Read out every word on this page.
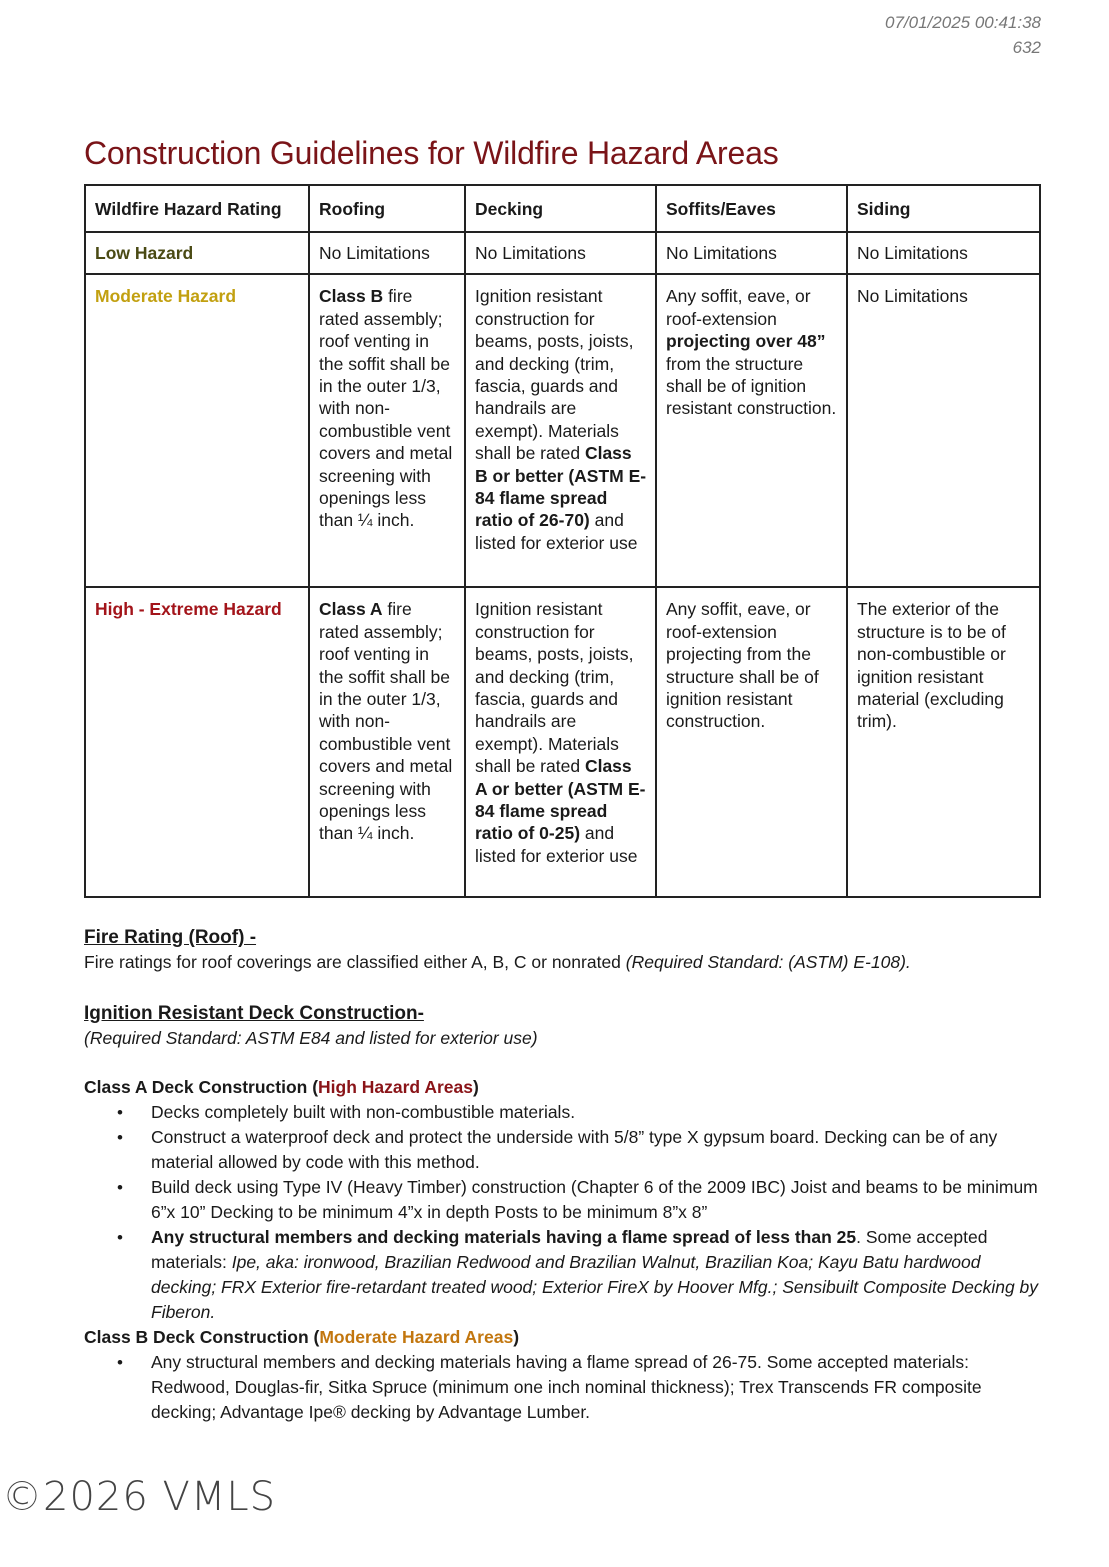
07/01/2025 00:41:38
632
Construction Guidelines for Wildfire Hazard Areas
Wildfire Hazard Rating	Roofing	Decking	Soffits/Eaves	Siding
Low Hazard	No Limitations	No Limitations	No Limitations	No Limitations
Moderate Hazard	Class B fire rated assembly; roof venting in the soffit shall be in the outer 1/3, with non-combustible vent covers and metal screening with openings less than ¼ inch.	Ignition resistant construction for beams, posts, joists, and decking (trim, fascia, guards and handrails are exempt). Materials shall be rated Class B or better (ASTM E-84 flame spread ratio of 26-70) and listed for exterior use	Any soffit, eave, or roof-extension projecting over 48” from the structure shall be of ignition resistant construction.	No Limitations
High - Extreme Hazard	Class A fire rated assembly; roof venting in the soffit shall be in the outer 1/3, with non-combustible vent covers and metal screening with openings less than ¼ inch.	Ignition resistant construction for beams, posts, joists, and decking (trim, fascia, guards and handrails are exempt). Materials shall be rated Class A or better (ASTM E-84 flame spread ratio of 0-25) and listed for exterior use	Any soffit, eave, or roof-extension projecting from the structure shall be of ignition resistant construction.	The exterior of the structure is to be of non-combustible or ignition resistant material (excluding trim).

Fire Rating (Roof) -

Fire ratings for roof coverings are classified either A, B, C or nonrated (Required Standard: (ASTM) E-108).

Ignition Resistant Deck Construction-

(Required Standard: ASTM E84 and listed for exterior use)

Class A Deck Construction (High Hazard Areas)

• Decks completely built with non-combustible materials.
• Construct a waterproof deck and protect the underside with 5/8” type X gypsum board. Decking can be of any material allowed by code with this method.
• Build deck using Type IV (Heavy Timber) construction (Chapter 6 of the 2009 IBC) Joist and beams to be minimum 6”x 10” Decking to be minimum 4”x in depth Posts to be minimum 8”x 8”
• Any structural members and decking materials having a flame spread of less than 25. Some accepted materials: Ipe, aka: ironwood, Brazilian Redwood and Brazilian Walnut, Brazilian Koa; Kayu Batu hardwood decking; FRX Exterior fire-retardant treated wood; Exterior FireX by Hoover Mfg.; Sensibuilt Composite Decking by Fiberon.

Class B Deck Construction (Moderate Hazard Areas)

• Any structural members and decking materials having a flame spread of 26-75. Some accepted materials: Redwood, Douglas-fir, Sitka Spruce (minimum one inch nominal thickness); Trex Transcends FR composite decking; Advantage Ipe® decking by Advantage Lumber.
©2026 VMLS
